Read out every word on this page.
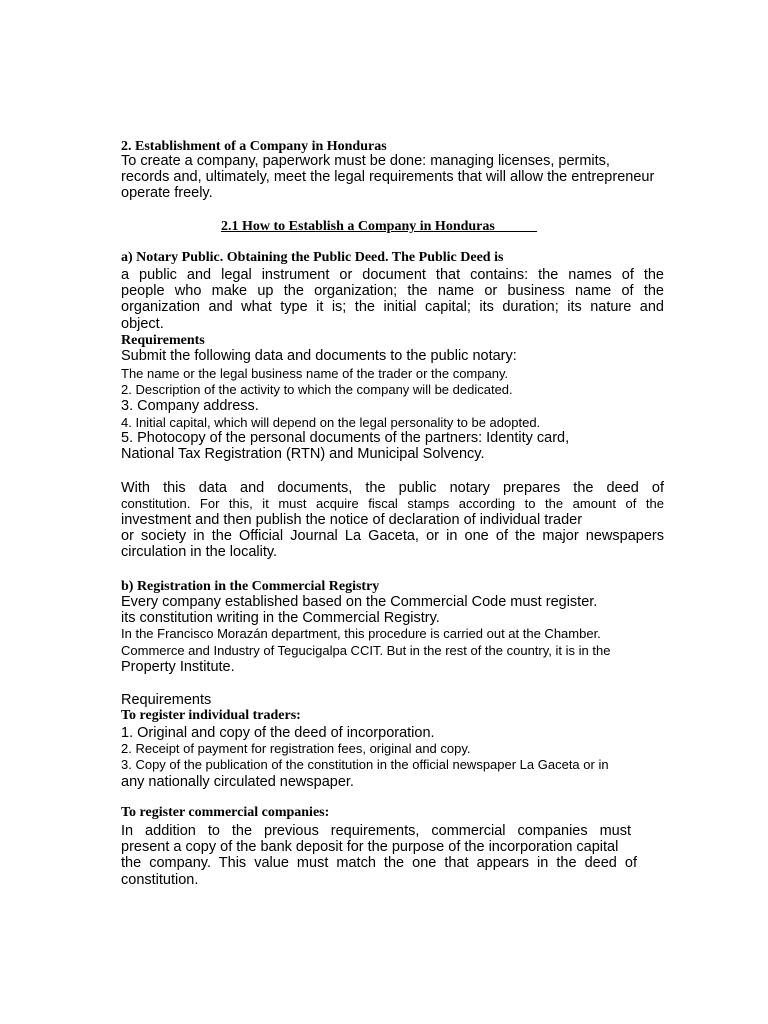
2. Establishment of a Company in Honduras
To create a company, paperwork must be done: managing licenses, permits,
records and, ultimately, meet the legal requirements that will allow the entrepreneur
operate freely.
2.1 How to Establish a Company in Honduras______
a) Notary Public. Obtaining the Public Deed. The Public Deed is
a public and legal instrument or document that contains: the names of the
people who make up the organization; the name or business name of the
organization and what type it is; the initial capital; its duration; its nature and
object.
Requirements
Submit the following data and documents to the public notary:
The name or the legal business name of the trader or the company.
2. Description of the activity to which the company will be dedicated.
3. Company address.
4. Initial capital, which will depend on the legal personality to be adopted.
5. Photocopy of the personal documents of the partners: Identity card,
National Tax Registration (RTN) and Municipal Solvency.
With this data and documents, the public notary prepares the deed of
constitution. For this, it must acquire fiscal stamps according to the amount of the
investment and then publish the notice of declaration of individual trader
or society in the Official Journal La Gaceta, or in one of the major newspapers
circulation in the locality.
b) Registration in the Commercial Registry
Every company established based on the Commercial Code must register.
its constitution writing in the Commercial Registry.
In the Francisco Morazán department, this procedure is carried out at the Chamber.
Commerce and Industry of Tegucigalpa CCIT. But in the rest of the country, it is in the
Property Institute.
Requirements
To register individual traders:
1. Original and copy of the deed of incorporation.
2. Receipt of payment for registration fees, original and copy.
3. Copy of the publication of the constitution in the official newspaper La Gaceta or in
any nationally circulated newspaper.
To register commercial companies:
In addition to the previous requirements, commercial companies must
present a copy of the bank deposit for the purpose of the incorporation capital
the company. This value must match the one that appears in the deed of
constitution.
